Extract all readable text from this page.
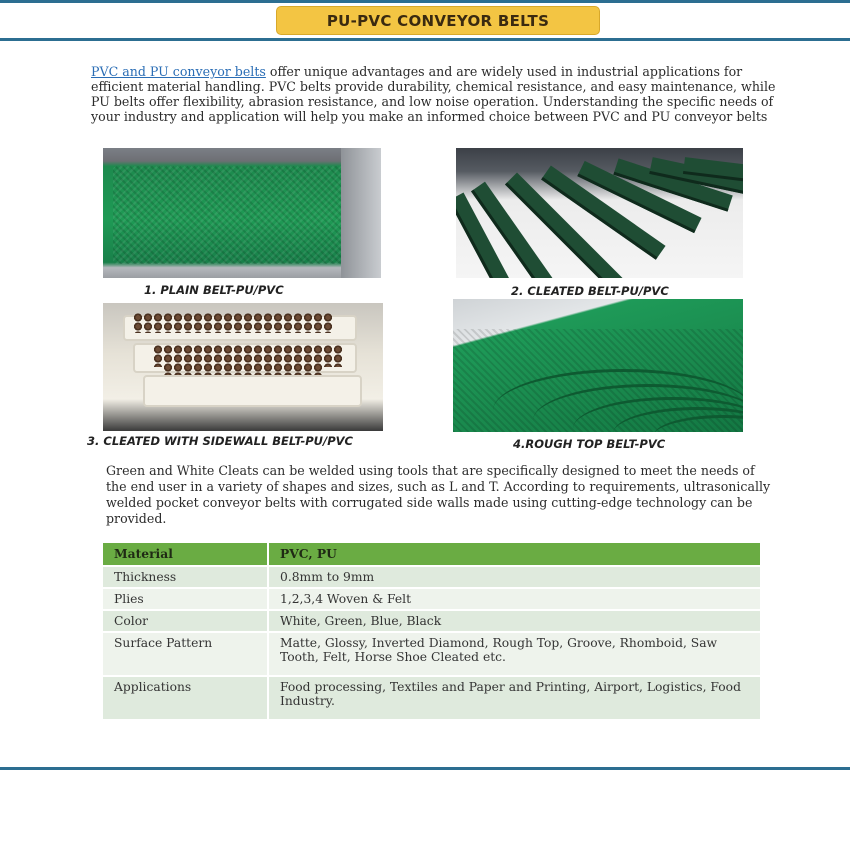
PU-PVC CONVEYOR BELTS
PVC and PU conveyor belts offer unique advantages and are widely used in industrial applications for efficient material handling. PVC belts provide durability, chemical resistance, and easy maintenance, while PU belts offer flexibility, abrasion resistance, and low noise operation. Understanding the specific needs of your industry and application will help you make an informed choice between PVC and PU conveyor belts
1. PLAIN BELT-PU/PVC	2. CLEATED BELT-PU/PVC
3. CLEATED WITH SIDEWALL BELT-PU/PVC	4.ROUGH TOP BELT-PVC
Green and White Cleats can be welded using tools that are specifically designed to meet the needs of the end user in a variety of shapes and sizes, such as L and T. According to requirements, ultrasonically welded pocket conveyor belts with corrugated side walls made using cutting-edge technology can be provided.
Material	PVC, PU
Thickness	0.8mm to 9mm
Plies	1,2,3,4 Woven & Felt
Color	White, Green, Blue, Black
Surface Pattern	Matte, Glossy, Inverted Diamond, Rough Top, Groove, Rhomboid, Saw Tooth, Felt, Horse Shoe Cleated etc.
Applications	Food processing, Textiles and Paper and Printing, Airport, Logistics, Food Industry.
